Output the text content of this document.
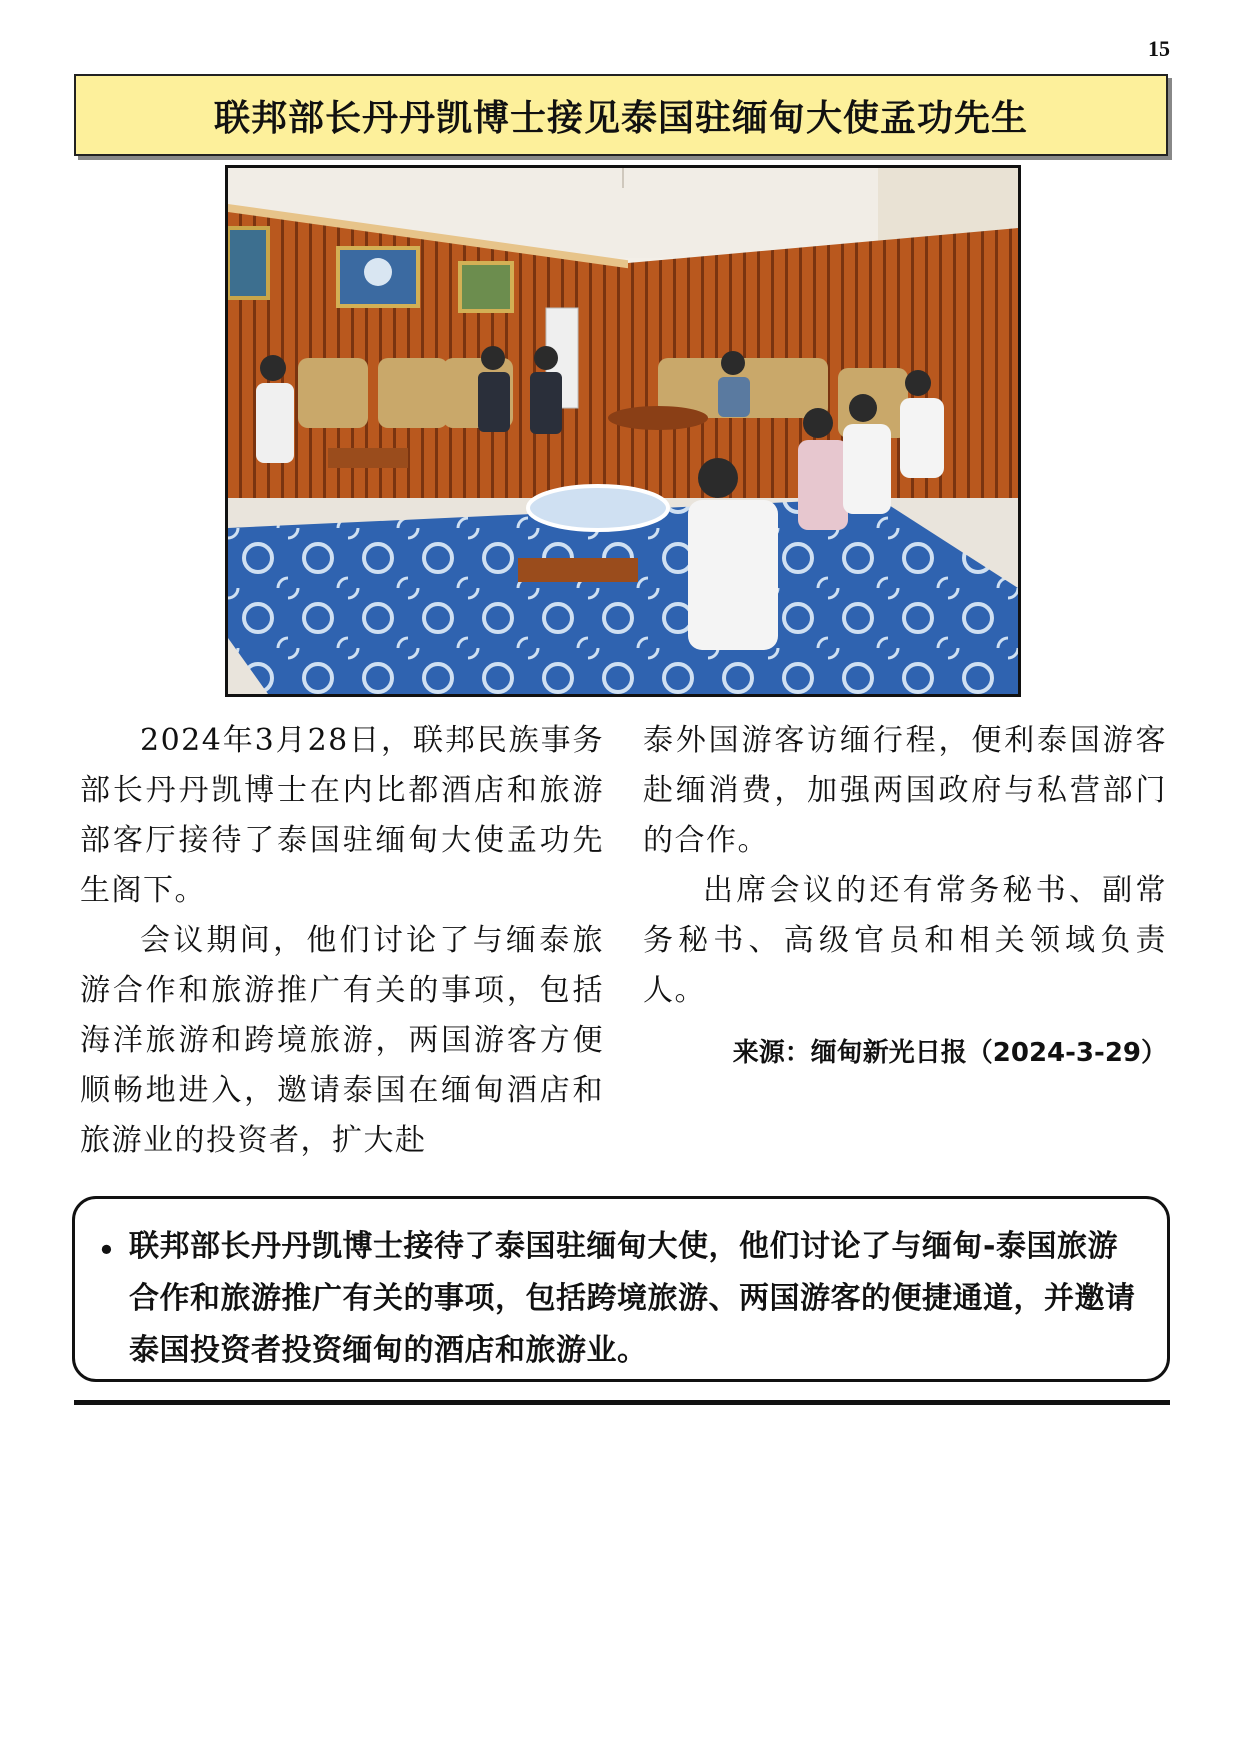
15
联邦部长丹丹凯博士接见泰国驻缅甸大使孟功先生

2024年3月28日，联邦民族事务部长丹丹凯博士在内比都酒店和旅游部客厅接待了泰国驻缅甸大使孟功先生阁下。

会议期间，他们讨论了与缅泰旅游合作和旅游推广有关的事项，包括海洋旅游和跨境旅游，两国游客方便顺畅地进入，邀请泰国在缅甸酒店和旅游业的投资者，扩大赴

泰外国游客访缅行程，便利泰国游客赴缅消费，加强两国政府与私营部门的合作。

出席会议的还有常务秘书、副常务秘书、高级官员和相关领域负责人。

来源：缅甸新光日报（2024-3-29）
• 联邦部长丹丹凯博士接待了泰国驻缅甸大使，他们讨论了与缅甸-泰国旅游合作和旅游推广有关的事项，包括跨境旅游、两国游客的便捷通道，并邀请泰国投资者投资缅甸的酒店和旅游业。
